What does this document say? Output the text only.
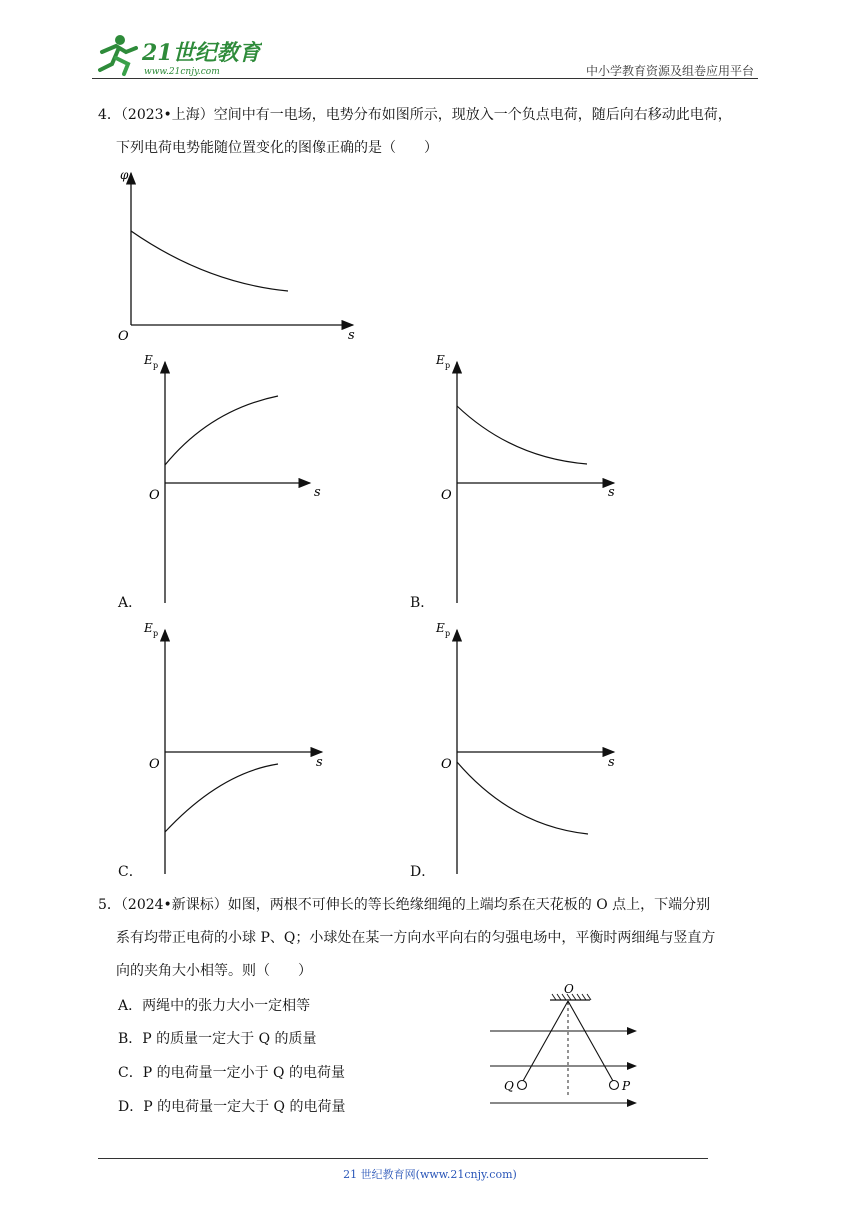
21世纪教育
www.21cnjy.com	中小学教育资源及组卷应用平台
4．（2023•上海）空间中有一电场，电势分布如图所示，现放入一个负点电荷，随后向右移动此电荷，
下列电荷电势能随位置变化的图像正确的是（　　）
φ
s
O
A．
E p
s
O
B．
E p
s
O
C．
E p
s
O
D．
E p
s
O
5．（2024•新课标）如图，两根不可伸长的等长绝缘细绳的上端均系在天花板的 O 点上，下端分别
系有均带正电荷的小球 P、Q；小球处在某一方向水平向右的匀强电场中，平衡时两细绳与竖直方
向的夹角大小相等。则（　　）
A．两绳中的张力大小一定相等
B．P 的质量一定大于 Q 的质量
C．P 的电荷量一定小于 Q 的电荷量
D．P 的电荷量一定大于 Q 的电荷量
O
Q	P
21 世纪教育网(www.21cnjy.com)
